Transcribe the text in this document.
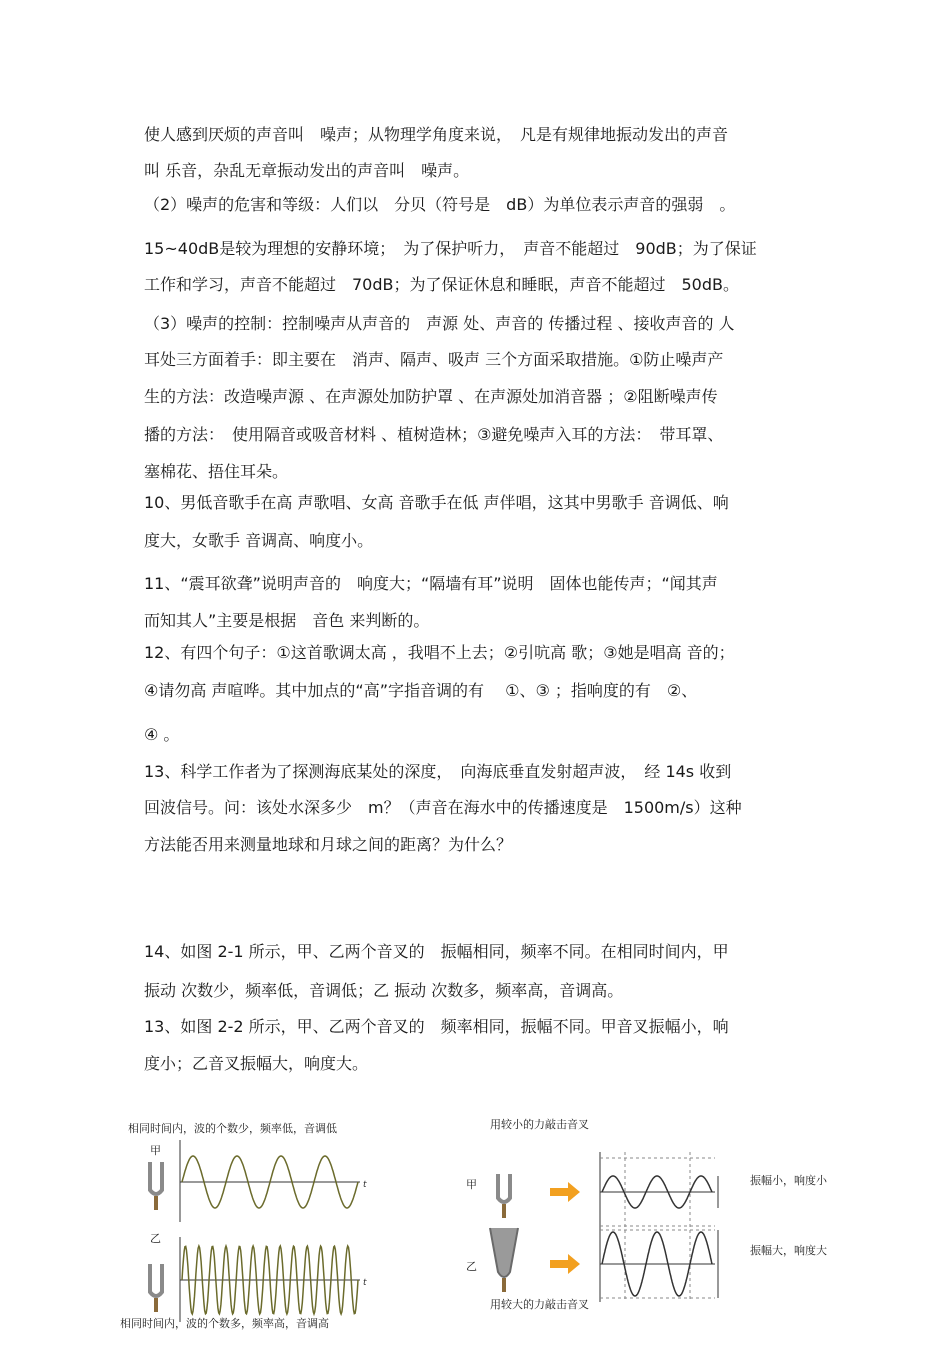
使人感到厌烦的声音叫　噪声；从物理学角度来说，　凡是有规律地振动发出的声音
叫 乐音，杂乱无章振动发出的声音叫　噪声。
（2）噪声的危害和等级：人们以　分贝（符号是　dB）为单位表示声音的强弱　。
15~40dB是较为理想的安静环境；　为了保护听力，　声音不能超过　90dB；为了保证
工作和学习，声音不能超过　70dB；为了保证休息和睡眠，声音不能超过　50dB。
（3）噪声的控制：控制噪声从声音的　声源 处、声音的 传播过程 、接收声音的 人
耳处三方面着手：即主要在　消声、隔声、吸声 三个方面采取措施。①防止噪声产
生的方法：改造噪声源 、在声源处加防护罩 、在声源处加消音器 ；②阻断噪声传
播的方法：　使用隔音或吸音材料 、植树造林；③避免噪声入耳的方法：　带耳罩、
塞棉花、捂住耳朵。
10、男低音歌手在高 声歌唱、女高 音歌手在低 声伴唱，这其中男歌手 音调低、响
度大，女歌手 音调高、响度小。
11、“震耳欲聋”说明声音的　响度大；“隔墙有耳”说明　固体也能传声；“闻其声
而知其人”主要是根据　音色 来判断的。
12、有四个句子：①这首歌调太高 ，我唱不上去；②引吭高 歌；③她是唱高 音的；
④请勿高 声喧哗。其中加点的“高”字指音调的有　 ①、③ ；指响度的有　②、
④ 。
13、科学工作者为了探测海底某处的深度，　向海底垂直发射超声波，　经 14s 收到
回波信号。问：该处水深多少　m？（声音在海水中的传播速度是　1500m/s）这种
方法能否用来测量地球和月球之间的距离？为什么？
14、如图 2-1 所示，甲、乙两个音叉的　振幅相同，频率不同。在相同时间内，甲
振动 次数少，频率低，音调低；乙 振动 次数多，频率高，音调高。
13、如图 2-2 所示，甲、乙两个音叉的　频率相同，振幅不同。甲音叉振幅小，响
度小；乙音叉振幅大，响度大。
相同时间内，波的个数少，频率低，音调低
甲
乙
t
t
相同时间内，波的个数多，频率高，音调高
用较小的力敲击音叉
甲
乙
振幅小，响度小
振幅大，响度大
用较大的力敲击音叉
